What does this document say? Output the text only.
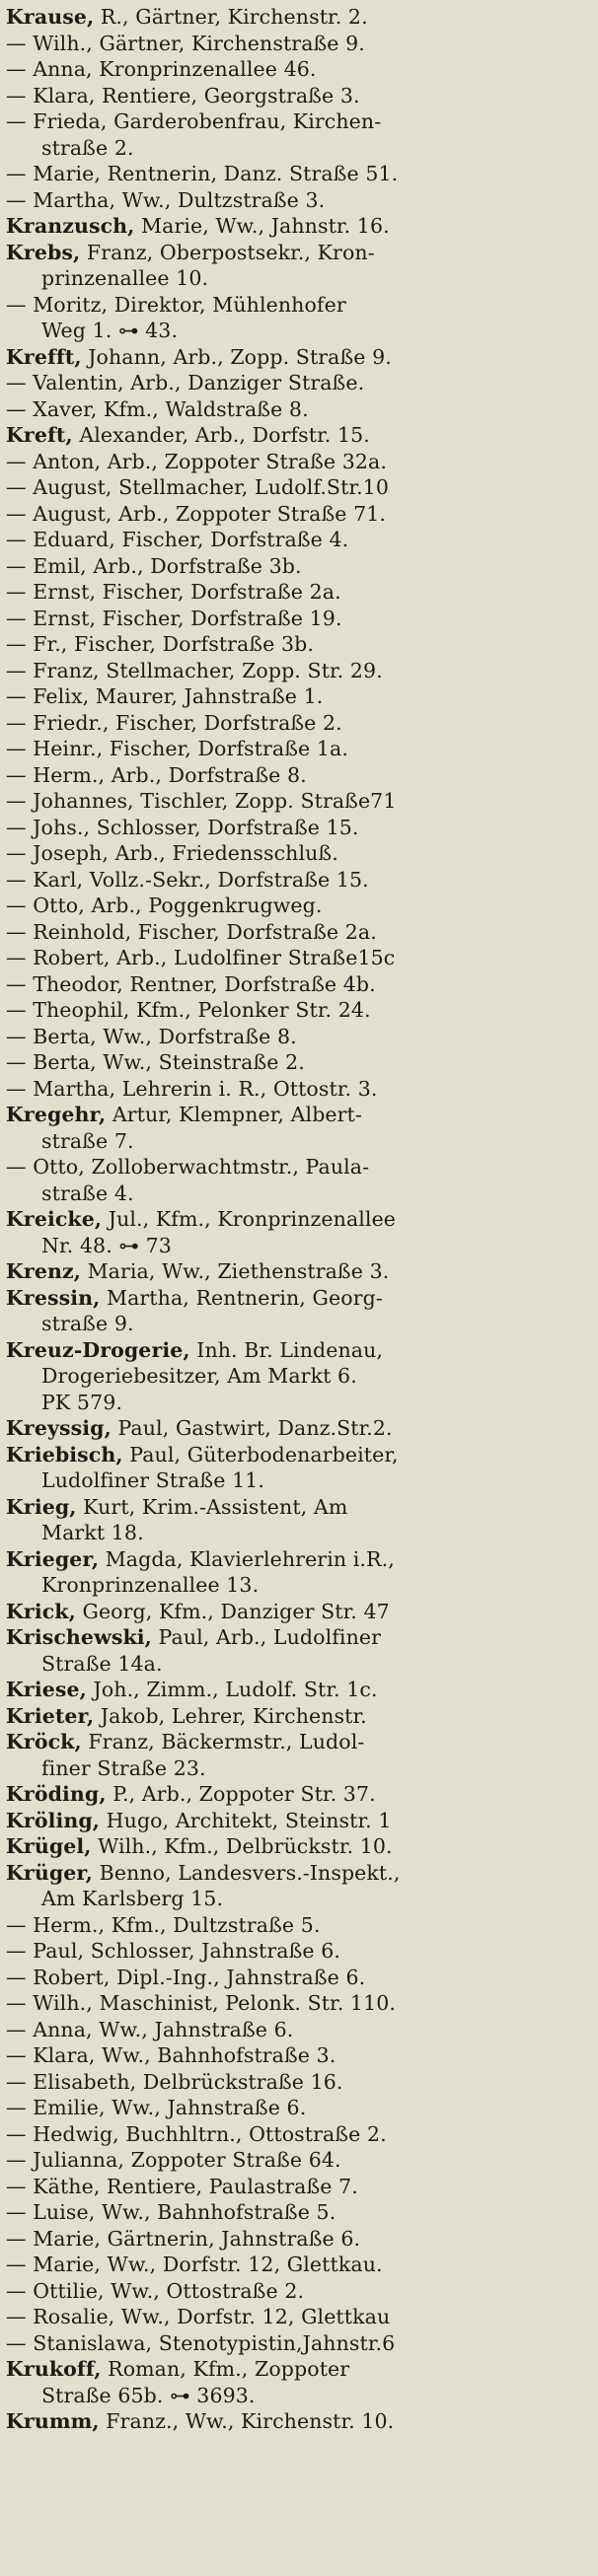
Krause, R., Gärtner, Kirchenstr. 2.
— Wilh., Gärtner, Kirchenstraße 9.
— Anna, Kronprinzenallee 46.
— Klara, Rentiere, Georgstraße 3.
— Frieda, Garderobenfrau, Kirchen-
straße 2.
— Marie, Rentnerin, Danz. Straße 51.
— Martha, Ww., Dultzstraße 3.
Kranzusch, Marie, Ww., Jahnstr. 16.
Krebs, Franz, Oberpostsekr., Kron-
prinzenallee 10.
— Moritz, Direktor, Mühlenhofer
Weg 1. ⊶ 43.
Krefft, Johann, Arb., Zopp. Straße 9.
— Valentin, Arb., Danziger Straße.
— Xaver, Kfm., Waldstraße 8.
Kreft, Alexander, Arb., Dorfstr. 15.
— Anton, Arb., Zoppoter Straße 32a.
— August, Stellmacher, Ludolf.Str.10
— August, Arb., Zoppoter Straße 71.
— Eduard, Fischer, Dorfstraße 4.
— Emil, Arb., Dorfstraße 3b.
— Ernst, Fischer, Dorfstraße 2a.
— Ernst, Fischer, Dorfstraße 19.
— Fr., Fischer, Dorfstraße 3b.
— Franz, Stellmacher, Zopp. Str. 29.
— Felix, Maurer, Jahnstraße 1.
— Friedr., Fischer, Dorfstraße 2.
— Heinr., Fischer, Dorfstraße 1a.
— Herm., Arb., Dorfstraße 8.
— Johannes, Tischler, Zopp. Straße71
— Johs., Schlosser, Dorfstraße 15.
— Joseph, Arb., Friedensschluß.
— Karl, Vollz.-Sekr., Dorfstraße 15.
— Otto, Arb., Poggenkrugweg.
— Reinhold, Fischer, Dorfstraße 2a.
— Robert, Arb., Ludolfiner Straße15c
— Theodor, Rentner, Dorfstraße 4b.
— Theophil, Kfm., Pelonker Str. 24.
— Berta, Ww., Dorfstraße 8.
— Berta, Ww., Steinstraße 2.
— Martha, Lehrerin i. R., Ottostr. 3.
Kregehr, Artur, Klempner, Albert-
straße 7.
— Otto, Zolloberwachtmstr., Paula-
straße 4.
Kreicke, Jul., Kfm., Kronprinzenallee
Nr. 48. ⊶ 73
Krenz, Maria, Ww., Ziethenstraße 3.
Kressin, Martha, Rentnerin, Georg-
straße 9.
Kreuz-Drogerie, Inh. Br. Lindenau,
Drogeriebesitzer, Am Markt 6.
PK 579.
Kreyssig, Paul, Gastwirt, Danz.Str.2.
Kriebisch, Paul, Güterbodenarbeiter,
Ludolfiner Straße 11.
Krieg, Kurt, Krim.-Assistent, Am
Markt 18.
Krieger, Magda, Klavierlehrerin i.R.,
Kronprinzenallee 13.
Krick, Georg, Kfm., Danziger Str. 47
Krischewski, Paul, Arb., Ludolfiner
Straße 14a.
Kriese, Joh., Zimm., Ludolf. Str. 1c.
Krieter, Jakob, Lehrer, Kirchenstr.
Kröck, Franz, Bäckermstr., Ludol-
finer Straße 23.
Kröding, P., Arb., Zoppoter Str. 37.
Kröling, Hugo, Architekt, Steinstr. 1
Krügel, Wilh., Kfm., Delbrückstr. 10.
Krüger, Benno, Landesvers.-Inspekt.,
Am Karlsberg 15.
— Herm., Kfm., Dultzstraße 5.
— Paul, Schlosser, Jahnstraße 6.
— Robert, Dipl.-Ing., Jahnstraße 6.
— Wilh., Maschinist, Pelonk. Str. 110.
— Anna, Ww., Jahnstraße 6.
— Klara, Ww., Bahnhofstraße 3.
— Elisabeth, Delbrückstraße 16.
— Emilie, Ww., Jahnstraße 6.
— Hedwig, Buchhltrn., Ottostraße 2.
— Julianna, Zoppoter Straße 64.
— Käthe, Rentiere, Paulastraße 7.
— Luise, Ww., Bahnhofstraße 5.
— Marie, Gärtnerin, Jahnstraße 6.
— Marie, Ww., Dorfstr. 12, Glettkau.
— Ottilie, Ww., Ottostraße 2.
— Rosalie, Ww., Dorfstr. 12, Glettkau
— Stanislawa, Stenotypistin,Jahnstr.6
Krukoff, Roman, Kfm., Zoppoter
Straße 65b. ⊶ 3693.
Krumm, Franz., Ww., Kirchenstr. 10.
